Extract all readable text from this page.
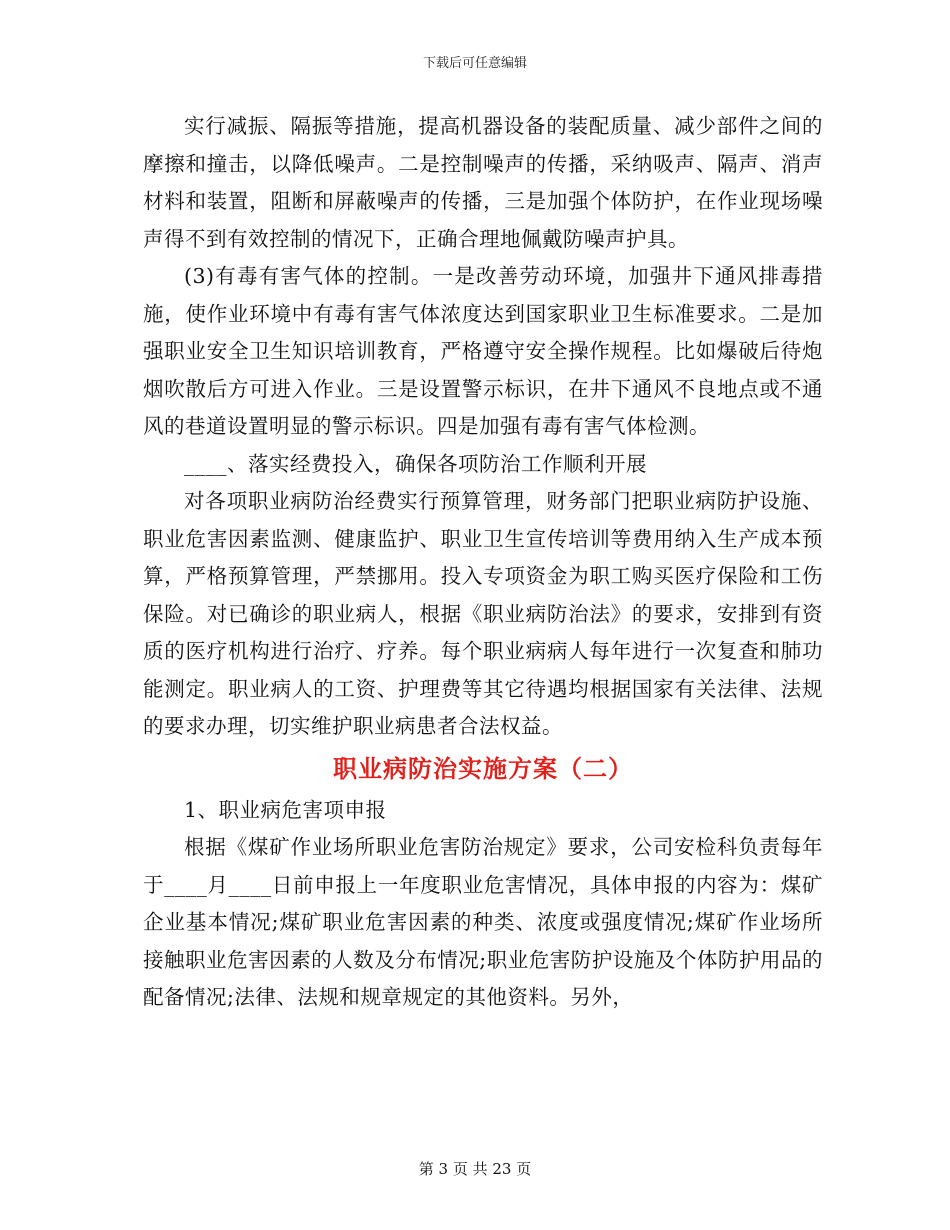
下载后可任意编辑

实行减振、隔振等措施，提高机器设备的装配质量、减少部件之间的摩擦和撞击，以降低噪声。二是控制噪声的传播，采纳吸声、隔声、消声材料和装置，阻断和屏蔽噪声的传播，三是加强个体防护，在作业现场噪声得不到有效控制的情况下，正确合理地佩戴防噪声护具。

(3)有毒有害气体的控制。一是改善劳动环境，加强井下通风排毒措施，使作业环境中有毒有害气体浓度达到国家职业卫生标准要求。二是加强职业安全卫生知识培训教育，严格遵守安全操作规程。比如爆破后待炮烟吹散后方可进入作业。三是设置警示标识，在井下通风不良地点或不通风的巷道设置明显的警示标识。四是加强有毒有害气体检测。

____、落实经费投入，确保各项防治工作顺利开展

对各项职业病防治经费实行预算管理，财务部门把职业病防护设施、职业危害因素监测、健康监护、职业卫生宣传培训等费用纳入生产成本预算，严格预算管理，严禁挪用。投入专项资金为职工购买医疗保险和工伤保险。对已确诊的职业病人，根据《职业病防治法》的要求，安排到有资质的医疗机构进行治疗、疗养。每个职业病病人每年进行一次复查和肺功能测定。职业病人的工资、护理费等其它待遇均根据国家有关法律、法规的要求办理，切实维护职业病患者合法权益。

职业病防治实施方案（二）

1、职业病危害项申报

根据《煤矿作业场所职业危害防治规定》要求，公司安检科负责每年于____月____日前申报上一年度职业危害情况，具体申报的内容为：煤矿企业基本情况;煤矿职业危害因素的种类、浓度或强度情况;煤矿作业场所接触职业危害因素的人数及分布情况;职业危害防护设施及个体防护用品的配备情况;法律、法规和规章规定的其他资料。另外，

第 3 页 共 23 页
